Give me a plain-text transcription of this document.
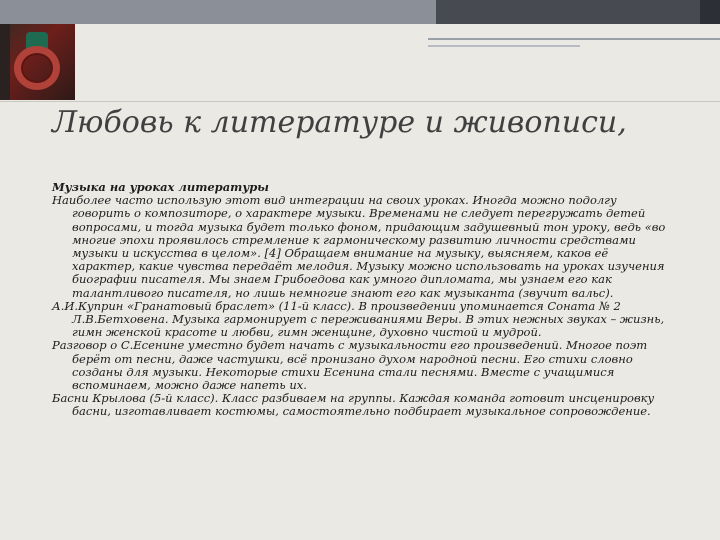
Любовь к литературе и живописи,

Музыка на уроках литературы

Наиболее часто использую этот вид интеграции на своих уроках. Иногда можно подолгу говорить о композиторе, о характере музыки. Временами не следует перегружать детей вопросами, и тогда музыка будет только фоном, придающим задушевный тон уроку, ведь «во многие эпохи проявилось стремление к гармоническому развитию личности средствами музыки и искусства в целом». [4] Обращаем внимание на музыку, выясняем, каков её характер, какие чувства передаёт мелодия. Музыку можно использовать на уроках изучения биографии писателя. Мы знаем Грибоедова как умного дипломата, мы узнаем его как талантливого писателя, но лишь немногие знают его как музыканта (звучит вальс).

А.И.Куприн «Гранатовый браслет» (11-й класс). В произведении упоминается Соната № 2 Л.В.Бетховена. Музыка гармонирует с переживаниями Веры. В этих нежных звуках – жизнь, гимн женской красоте и любви, гимн женщине, духовно чистой и мудрой.

Разговор о С.Есенине уместно будет начать с музыкальности его произведений. Многое поэт берёт от песни, даже частушки, всё пронизано духом народной песни. Его стихи словно созданы для музыки. Некоторые стихи Есенина стали песнями. Вместе с учащимися вспоминаем, можно даже напеть их.

Басни Крылова (5-й класс). Класс разбиваем на группы. Каждая команда готовит инсценировку басни, изготавливает костюмы, самостоятельно подбирает музыкальное сопровождение.
